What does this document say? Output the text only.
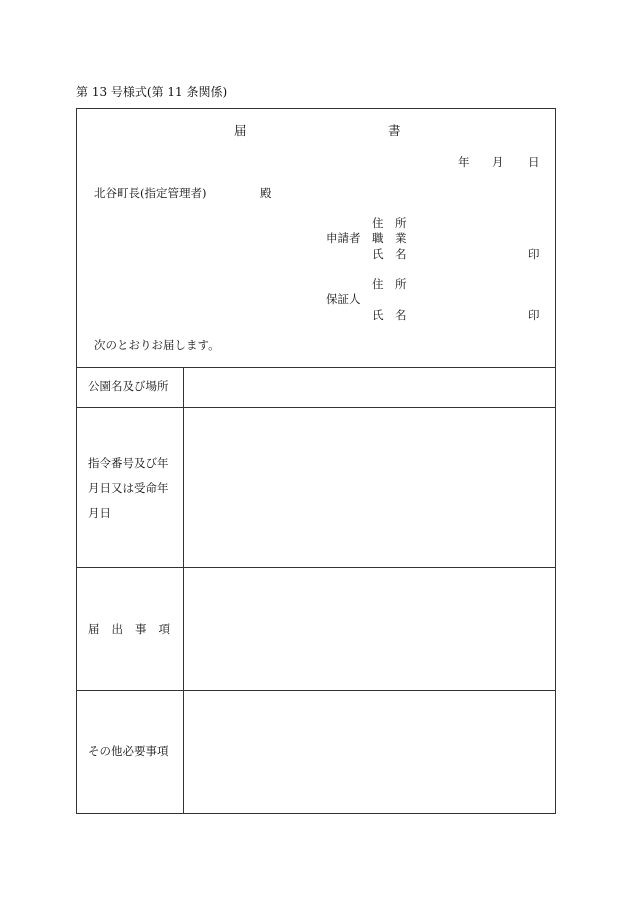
第 13 号様式(第 11 条関係)
届	書
年 月 日
北谷町長(指定管理者)	殿
住　所
申請者 職　業
氏　名	印
住　所
保証人
氏　名	印
次のとおりお届します。
公園名及び場所
指令番号及び年
月日又は受命年
月日
届出事項
その他必要事項
